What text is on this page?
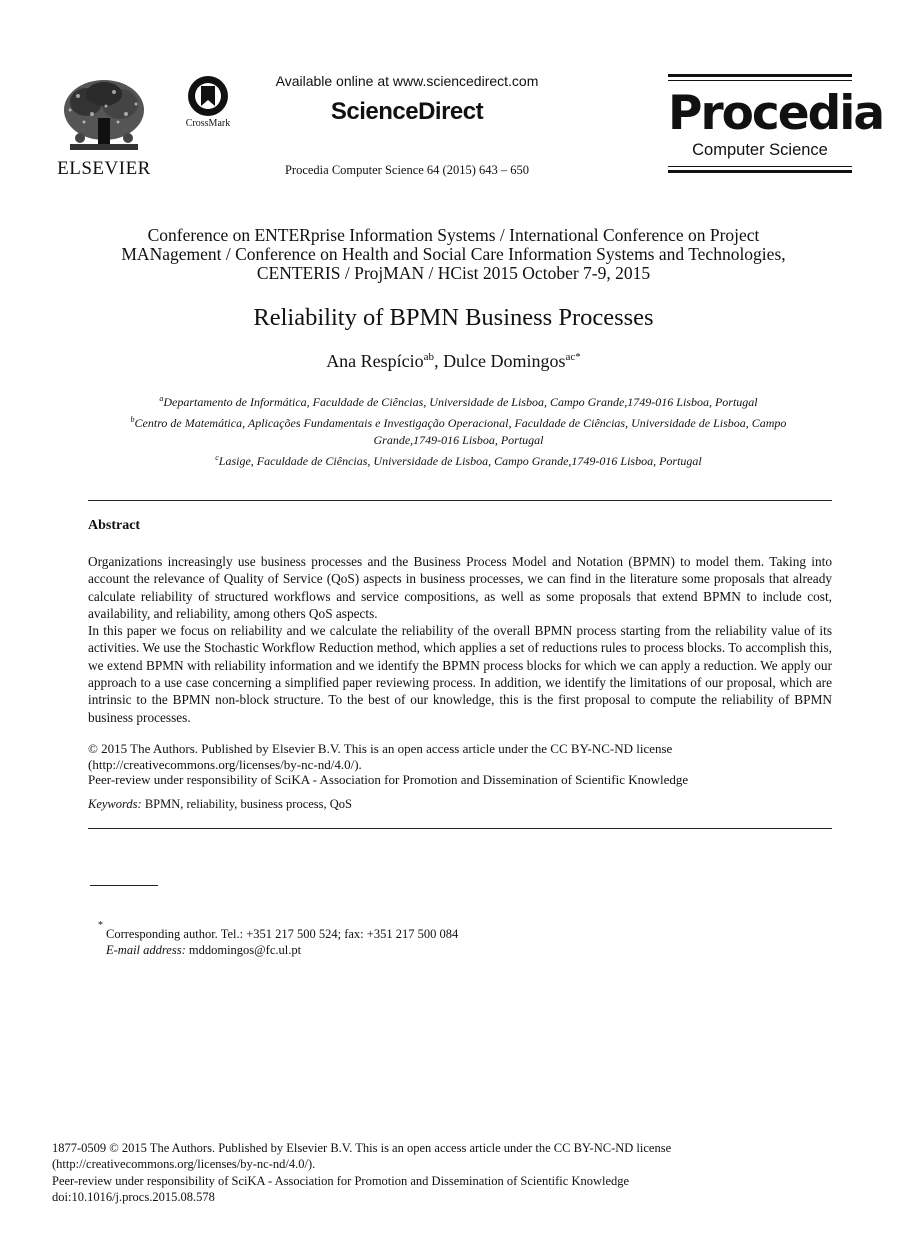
ELSEVIER
CrossMark
Available online at www.sciencedirect.com
ScienceDirect
Procedia Computer Science 64 (2015) 643 – 650
Procedia
Computer Science
Conference on ENTERprise Information Systems / International Conference on Project
MANagement / Conference on Health and Social Care Information Systems and Technologies,
CENTERIS / ProjMAN / HCist 2015 October 7-9, 2015
Reliability of BPMN Business Processes
Ana Respício$^{ab}$, Dulce Domingos$^{ac*}$
$^a$Departamento de Informática, Faculdade de Ciências, Universidade de Lisboa, Campo Grande,1749-016 Lisboa, Portugal
$^b$Centro de Matemática, Aplicações Fundamentais e Investigação Operacional, Faculdade de Ciências, Universidade de Lisboa, Campo Grande,1749-016 Lisboa, Portugal
$^c$Lasige, Faculdade de Ciências, Universidade de Lisboa, Campo Grande,1749-016 Lisboa, Portugal
Abstract

Organizations increasingly use business processes and the Business Process Model and Notation (BPMN) to model them. Taking into account the relevance of Quality of Service (QoS) aspects in business processes, we can find in the literature some proposals that already calculate reliability of structured workflows and service compositions, as well as some proposals that extend BPMN to include cost, availability, and reliability, among others QoS aspects.

In this paper we focus on reliability and we calculate the reliability of the overall BPMN process starting from the reliability value of its activities. We use the Stochastic Workflow Reduction method, which applies a set of reductions rules to process blocks. To accomplish this, we extend BPMN with reliability information and we identify the BPMN process blocks for which we can apply a reduction. We apply our approach to a use case concerning a simplified paper reviewing process. In addition, we identify the limitations of our proposal, which are intrinsic to the BPMN non-block structure. To the best of our knowledge, this is the first proposal to compute the reliability of BPMN business processes.

© 2015 The Authors. Published by Elsevier B.V. This is an open access article under the CC BY-NC-ND license
(http://creativecommons.org/licenses/by-nc-nd/4.0/).
Peer-review under responsibility of SciKA - Association for Promotion and Dissemination of Scientific Knowledge
Keywords: BPMN, reliability, business process, QoS
*
Corresponding author. Tel.: +351 217 500 524; fax: +351 217 500 084
E-mail address: mddomingos@fc.ul.pt
1877-0509 © 2015 The Authors. Published by Elsevier B.V. This is an open access article under the CC BY-NC-ND license
(http://creativecommons.org/licenses/by-nc-nd/4.0/).
Peer-review under responsibility of SciKA - Association for Promotion and Dissemination of Scientific Knowledge
doi:10.1016/j.procs.2015.08.578
